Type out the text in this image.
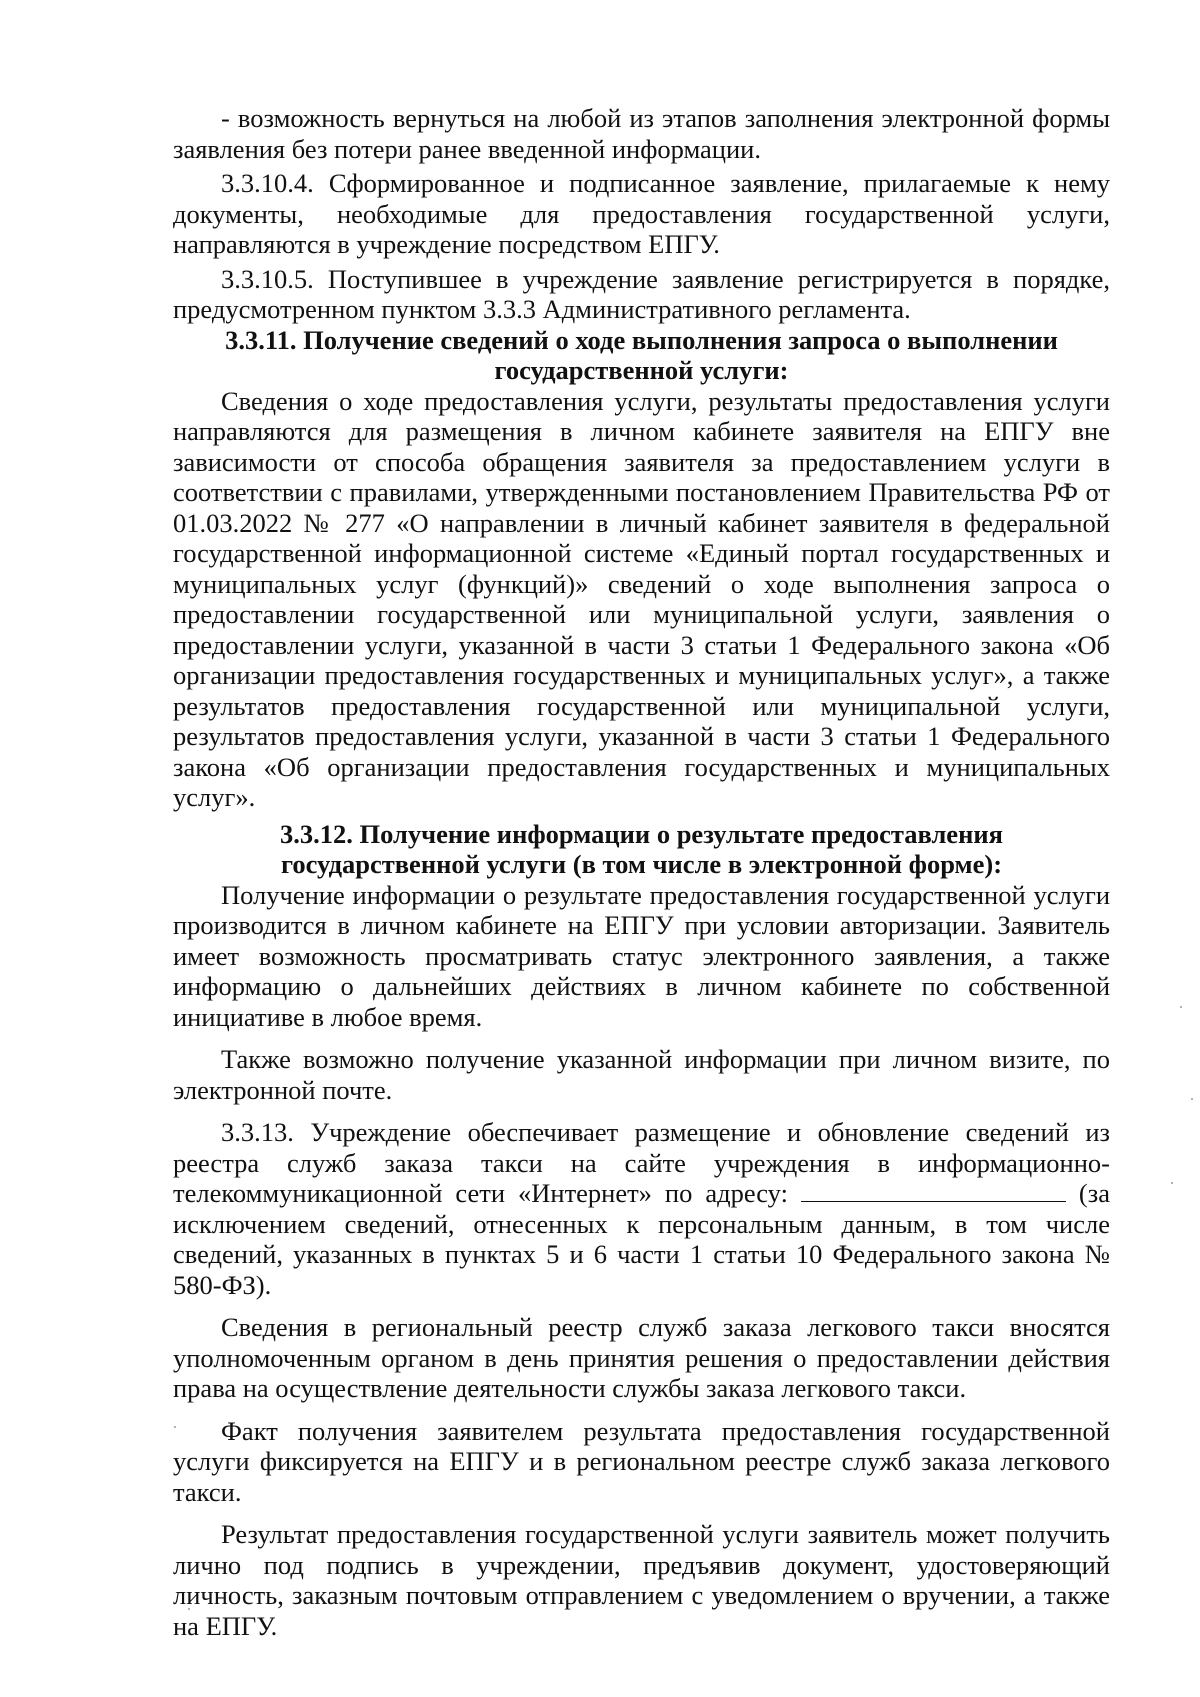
- возможность вернуться на любой из этапов заполнения электронной формы заявления без потери ранее введенной информации.

3.3.10.4. Сформированное и подписанное заявление, прилагаемые к нему документы, необходимые для предоставления государственной услуги, направляются в учреждение посредством ЕПГУ.

3.3.10.5. Поступившее в учреждение заявление регистрируется в порядке, предусмотренном пунктом 3.3.3 Административного регламента.

3.3.11. Получение сведений о ходе выполнения запроса о выполнении
государственной услуги:

Сведения о ходе предоставления услуги, результаты предоставления услуги направляются для размещения в личном кабинете заявителя на ЕПГУ вне зависимости от способа обращения заявителя за предоставлением услуги в соответствии с правилами, утвержденными постановлением Правительства РФ от 01.03.2022 № 277 «О направлении в личный кабинет заявителя в федеральной государственной информационной системе «Единый портал государственных и муниципальных услуг (функций)» сведений о ходе выполнения запроса о предоставлении государственной или муниципальной услуги, заявления о предоставлении услуги, указанной в части 3 статьи 1 Федерального закона «Об организации предоставления государственных и муниципальных услуг», а также результатов предоставления государственной или муниципальной услуги, результатов предоставления услуги, указанной в части 3 статьи 1 Федерального закона «Об организации предоставления государственных и муниципальных услуг».

3.3.12. Получение информации о результате предоставления
государственной услуги (в том числе в электронной форме):

Получение информации о результате предоставления государственной услуги производится в личном кабинете на ЕПГУ при условии авторизации. Заявитель имеет возможность просматривать статус электронного заявления, а также информацию о дальнейших действиях в личном кабинете по собственной инициативе в любое время.

Также возможно получение указанной информации при личном визите, по электронной почте.

3.3.13. Учреждение обеспечивает размещение и обновление сведений из реестра служб заказа такси на сайте учреждения в информационно-телекоммуникационной сети «Интернет» по адресу:	(за исключением сведений, отнесенных к персональным данным, в том числе сведений, указанных в пунктах 5 и 6 части 1 статьи 10 Федерального закона № 580-ФЗ).

Сведения в региональный реестр служб заказа легкового такси вносятся уполномоченным органом в день принятия решения о предоставлении действия права на осуществление деятельности службы заказа легкового такси.

Факт получения заявителем результата предоставления государственной услуги фиксируется на ЕПГУ и в региональном реестре служб заказа легкового такси.

Результат предоставления государственной услуги заявитель может получить лично под подпись в учреждении, предъявив документ, удостоверяющий личность, заказным почтовым отправлением с уведомлением о вручении, а также на ЕПГУ.
